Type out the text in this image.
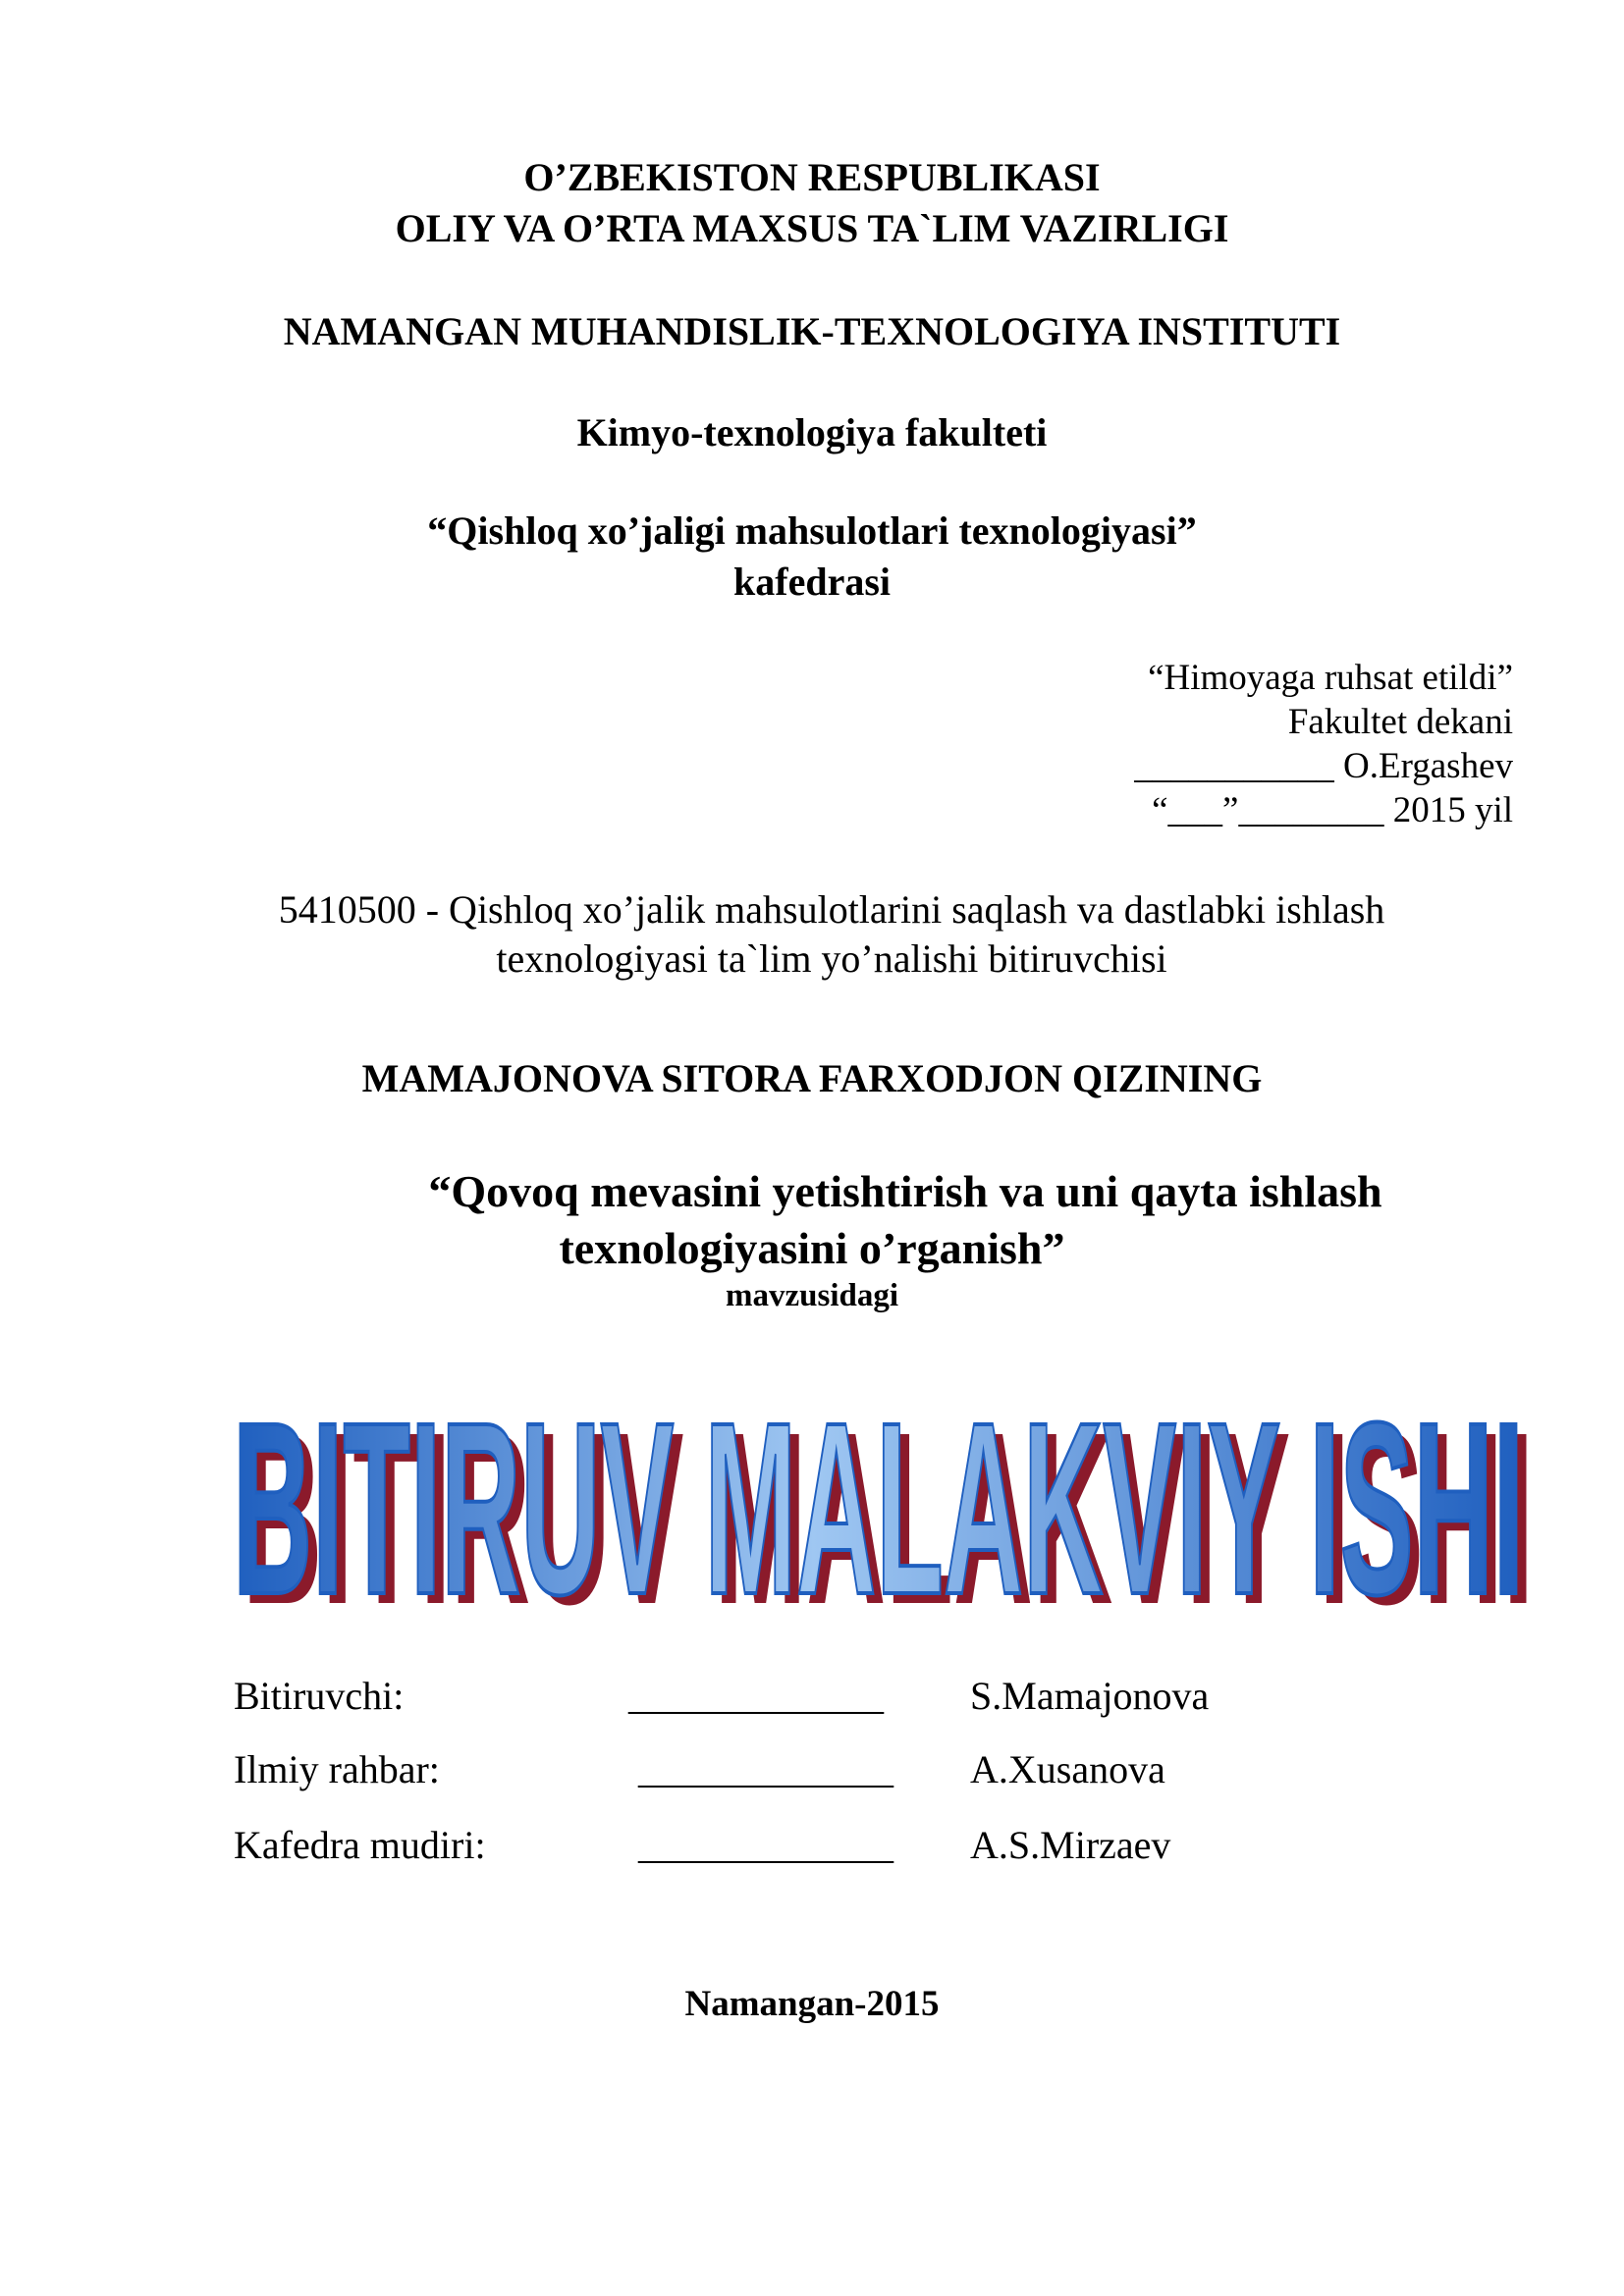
O’ZBEKISTON RESPUBLIKASI
OLIY VA O’RTA MAXSUS TA`LIM VAZIRLIGI
NAMANGAN MUHANDISLIK-TEXNOLOGIYA INSTITUTI
Kimyo-texnologiya fakulteti
“Qishloq xo’jaligi mahsulotlari texnologiyasi”
kafedrasi
“Himoyaga ruhsat etildi”
Fakultet dekani
___________ O.Ergashev
“___”________ 2015 yil
5410500 - Qishloq xo’jalik mahsulotlarini saqlash va dastlabki ishlash
texnologiyasi ta`lim yo’nalishi bitiruvchisi
MAMAJONOVA SITORA FARXODJON QIZINING
“Qovoq mevasini yetishtirish va uni qayta ishlash
texnologiyasini o’rganish”
mavzusidagi
BITIRUV MALAKVIY ISHI
BITIRUV MALAKVIY ISHI
Bitiruvchi:	_____________ S.Mamajonova
Ilmiy rahbar:	_____________ A.Xusanova
Kafedra mudiri:	_____________ A.S.Mirzaev
Namangan-2015
